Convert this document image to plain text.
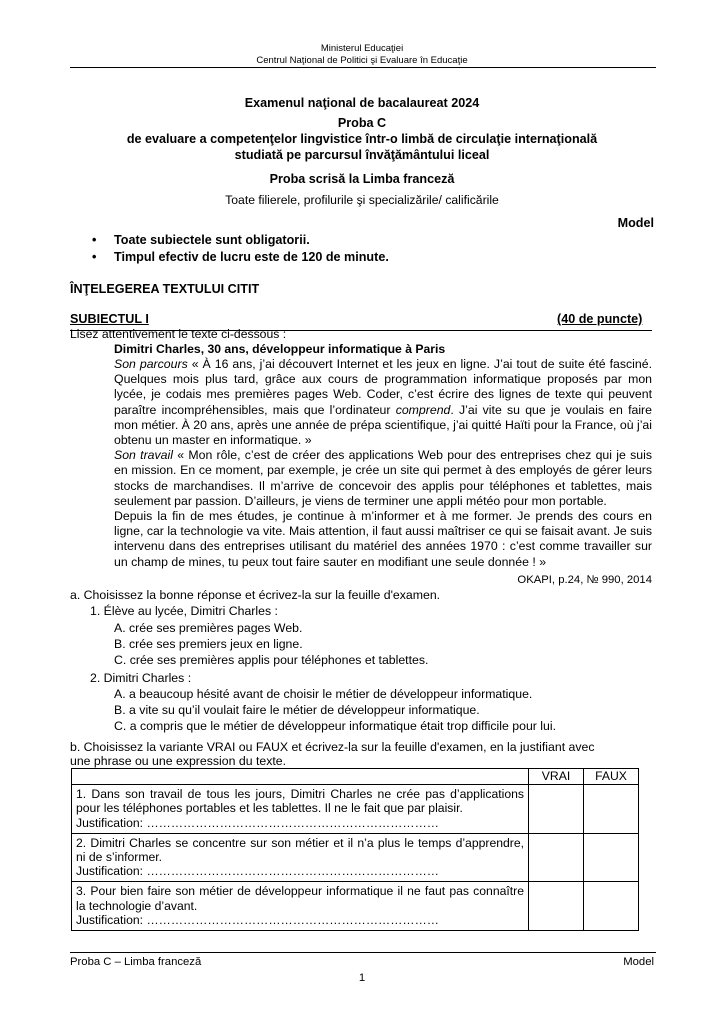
Ministerul Educaţiei
Centrul Naţional de Politici şi Evaluare în Educaţie
Examenul naţional de bacalaureat 2024
Proba C
de evaluare a competenţelor lingvistice într-o limbă de circulaţie internaţională
studiată pe parcursul învăţământului liceal
Proba scrisă la Limba franceză
Toate filierele, profilurile şi specializările/ calificările
Model
• Toate subiectele sunt obligatorii.
• Timpul efectiv de lucru este de 120 de minute.
ÎNŢELEGEREA TEXTULUI CITIT
SUBIECTUL I	(40 de puncte)
Lisez attentivement le texte ci-dessous :
Dimitri Charles, 30 ans, développeur informatique à Paris

Son parcours « À 16 ans, j’ai découvert Internet et les jeux en ligne. J’ai tout de suite été fasciné. Quelques mois plus tard, grâce aux cours de programmation informatique proposés par mon lycée, je codais mes premières pages Web. Coder, c’est écrire des lignes de texte qui peuvent paraître incompréhensibles, mais que l’ordinateur comprend. J’ai vite su que je voulais en faire mon métier. À 20 ans, après une année de prépa scientifique, j’ai quitté Haïti pour la France, où j’ai obtenu un master en informatique. »

Son travail « Mon rôle, c’est de créer des applications Web pour des entreprises chez qui je suis en mission. En ce moment, par exemple, je crée un site qui permet à des employés de gérer leurs stocks de marchandises. Il m’arrive de concevoir des applis pour téléphones et tablettes, mais seulement par passion. D’ailleurs, je viens de terminer une appli météo pour mon portable.

Depuis la fin de mes études, je continue à m’informer et à me former. Je prends des cours en ligne, car la technologie va vite. Mais attention, il faut aussi maîtriser ce qui se faisait avant. Je suis intervenu dans des entreprises utilisant du matériel des années 1970 : c’est comme travailler sur un champ de mines, tu peux tout faire sauter en modifiant une seule donnée ! »

OKAPI, p.24, № 990, 2014
a. Choisissez la bonne réponse et écrivez-la sur la feuille d'examen.
1. Élève au lycée, Dimitri Charles :
A. crée ses premières pages Web.
B. crée ses premiers jeux en ligne.
C. crée ses premières applis pour téléphones et tablettes.
2. Dimitri Charles :
A. a beaucoup hésité avant de choisir le métier de développeur informatique.
B. a vite su qu’il voulait faire le métier de développeur informatique.
C. a compris que le métier de développeur informatique était trop difficile pour lui.
b. Choisissez la variante VRAI ou FAUX et écrivez-la sur la feuille d'examen, en la justifiant avec
une phrase ou une expression du texte.
	VRAI	FAUX

1. Dans son travail de tous les jours, Dimitri Charles ne crée pas d’applications pour les téléphones portables et les tablettes. Il ne le fait que par plaisir.
Justification: ………………………………………………………………		

2. Dimitri Charles se concentre sur son métier et il n’a plus le temps d’apprendre, ni de s’informer.
Justification: ………………………………………………………………		

3. Pour bien faire son métier de développeur informatique il ne faut pas connaître la technologie d’avant.
Justification: ………………………………………………………………		

Proba C – Limba franceză	Model
1
